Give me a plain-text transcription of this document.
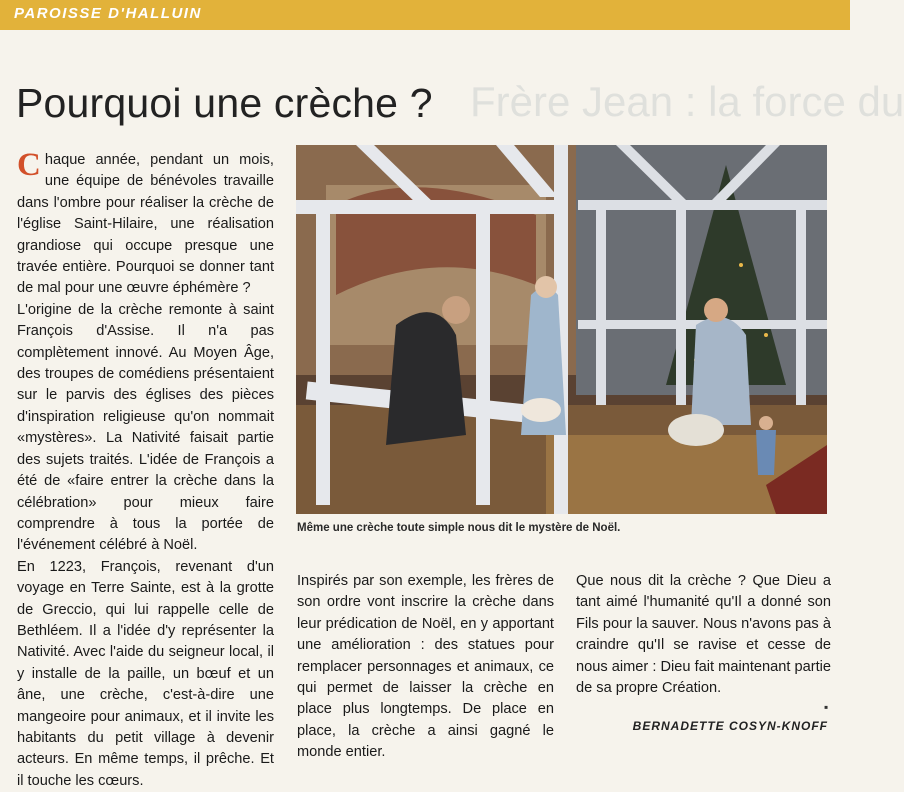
PAROISSE D'HALLUIN
Frère Jean : la force du
Pourquoi une crèche ?

Chaque année, pendant un mois, une équipe de bénévoles travaille dans l'ombre pour réaliser la crèche de l'église Saint-Hilaire, une réalisation grandiose qui occupe presque une travée entière. Pourquoi se donner tant de mal pour une œuvre éphémère ?

L'origine de la crèche remonte à saint François d'Assise. Il n'a pas complètement innové. Au Moyen Âge, des troupes de comédiens présentaient sur le parvis des églises des pièces d'inspiration religieuse qu'on nommait «mystères». La Nativité faisait partie des sujets traités. L'idée de François a été de «faire entrer la crèche dans la célébration» pour mieux faire comprendre à tous la portée de l'événement célébré à Noël.

En 1223, François, revenant d'un voyage en Terre Sainte, est à la grotte de Greccio, qui lui rappelle celle de Bethléem. Il a l'idée d'y représenter la Nativité. Avec l'aide du seigneur local, il y installe de la paille, un bœuf et un âne, une crèche, c'est-à-dire une mangeoire pour animaux, et il invite les habitants du petit village à devenir acteurs. En même temps, il prêche. Et il touche les cœurs.

Même une crèche toute simple nous dit le mystère de Noël.

Inspirés par son exemple, les frères de son ordre vont inscrire la crèche dans leur prédication de Noël, en y apportant une amélioration : des statues pour remplacer personnages et animaux, ce qui permet de laisser la crèche en place plus longtemps. De place en place, la crèche a ainsi gagné le monde entier.

Que nous dit la crèche ? Que Dieu a tant aimé l'humanité qu'Il a donné son Fils pour la sauver. Nous n'avons pas à craindre qu'Il se ravise et cesse de nous aimer : Dieu fait maintenant partie de sa propre Création.

▪
BERNADETTE COSYN-KNOFF
